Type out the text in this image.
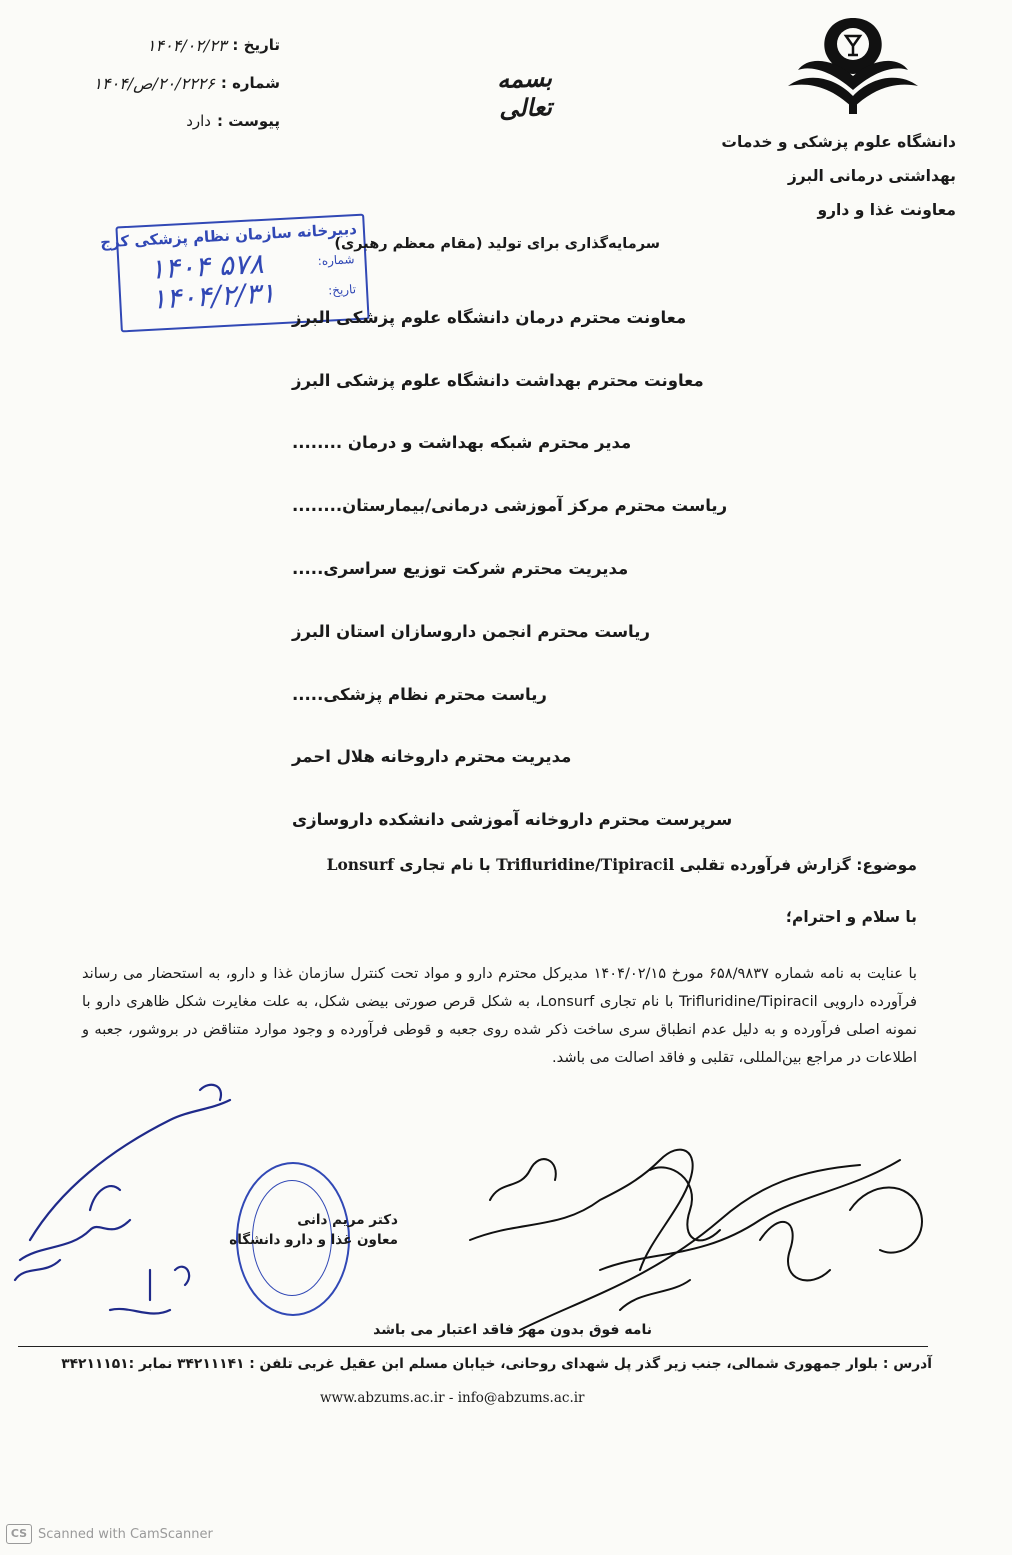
بسمه تعالی
دانشگاه علوم پزشکی و خدمات
بهداشتی درمانی البرز
معاونت غذا و دارو
تاریخ :
۱۴۰۴/۰۲/۲۳
شماره :
۲۰/۲۲۲۶/ص/۱۴۰۴
پیوست :
دارد
دبیرخانه سازمان نظام پزشکی کرج
شماره:
۱۴۰۴ ۵۷۸
تاریخ:
۱۴۰۴/۲/۳۱
سرمایه‌گذاری برای تولید (مقام معظم رهبری)
معاونت محترم درمان دانشگاه علوم پزشکی البرز
معاونت محترم بهداشت دانشگاه علوم پزشکی البرز
مدیر محترم شبکه بهداشت و درمان ........
ریاست محترم مرکز آموزشی درمانی/بیمارستان........
مدیریت محترم شرکت توزیع سراسری.....
ریاست محترم انجمن داروسازان استان البرز
ریاست محترم نظام پزشکی.....
مدیریت محترم داروخانه هلال احمر
سرپرست محترم داروخانه آموزشی دانشکده داروسازی
موضوع: گزارش فرآورده تقلبی Trifluridine/Tipiracil با نام تجاری Lonsurf
با سلام و احترام؛
با عنایت به نامه شماره ۶۵۸/۹۸۳۷ مورخ ۱۴۰۴/۰۲/۱۵ مدیرکل محترم دارو و مواد تحت کنترل سازمان غذا و دارو، به استحضار می رساند فرآورده دارویی Trifluridine/Tipiracil با نام تجاری Lonsurf، به شکل قرص صورتی بیضی شکل، به علت مغایرت شکل ظاهری دارو با نمونه اصلی فرآورده و به دلیل عدم انطباق سری ساخت ذکر شده روی جعبه و قوطی فرآورده و وجود موارد متناقض در بروشور، جعبه و اطلاعات در مراجع بین‌المللی، تقلبی و فاقد اصالت می باشد.
دکتر مریم دانی
معاون غذا و دارو دانشگاه
نامه فوق بدون مهر فاقد اعتبار می باشد
آدرس : بلوار جمهوری شمالی، جنب زیر گذر پل شهدای روحانی، خیابان مسلم ابن عقیل غربی تلفن : ۳۴۲۱۱۱۴۱ نمابر :۳۴۲۱۱۱۵۱
www.abzums.ac.ir - info@abzums.ac.ir
CS Scanned with CamScanner
